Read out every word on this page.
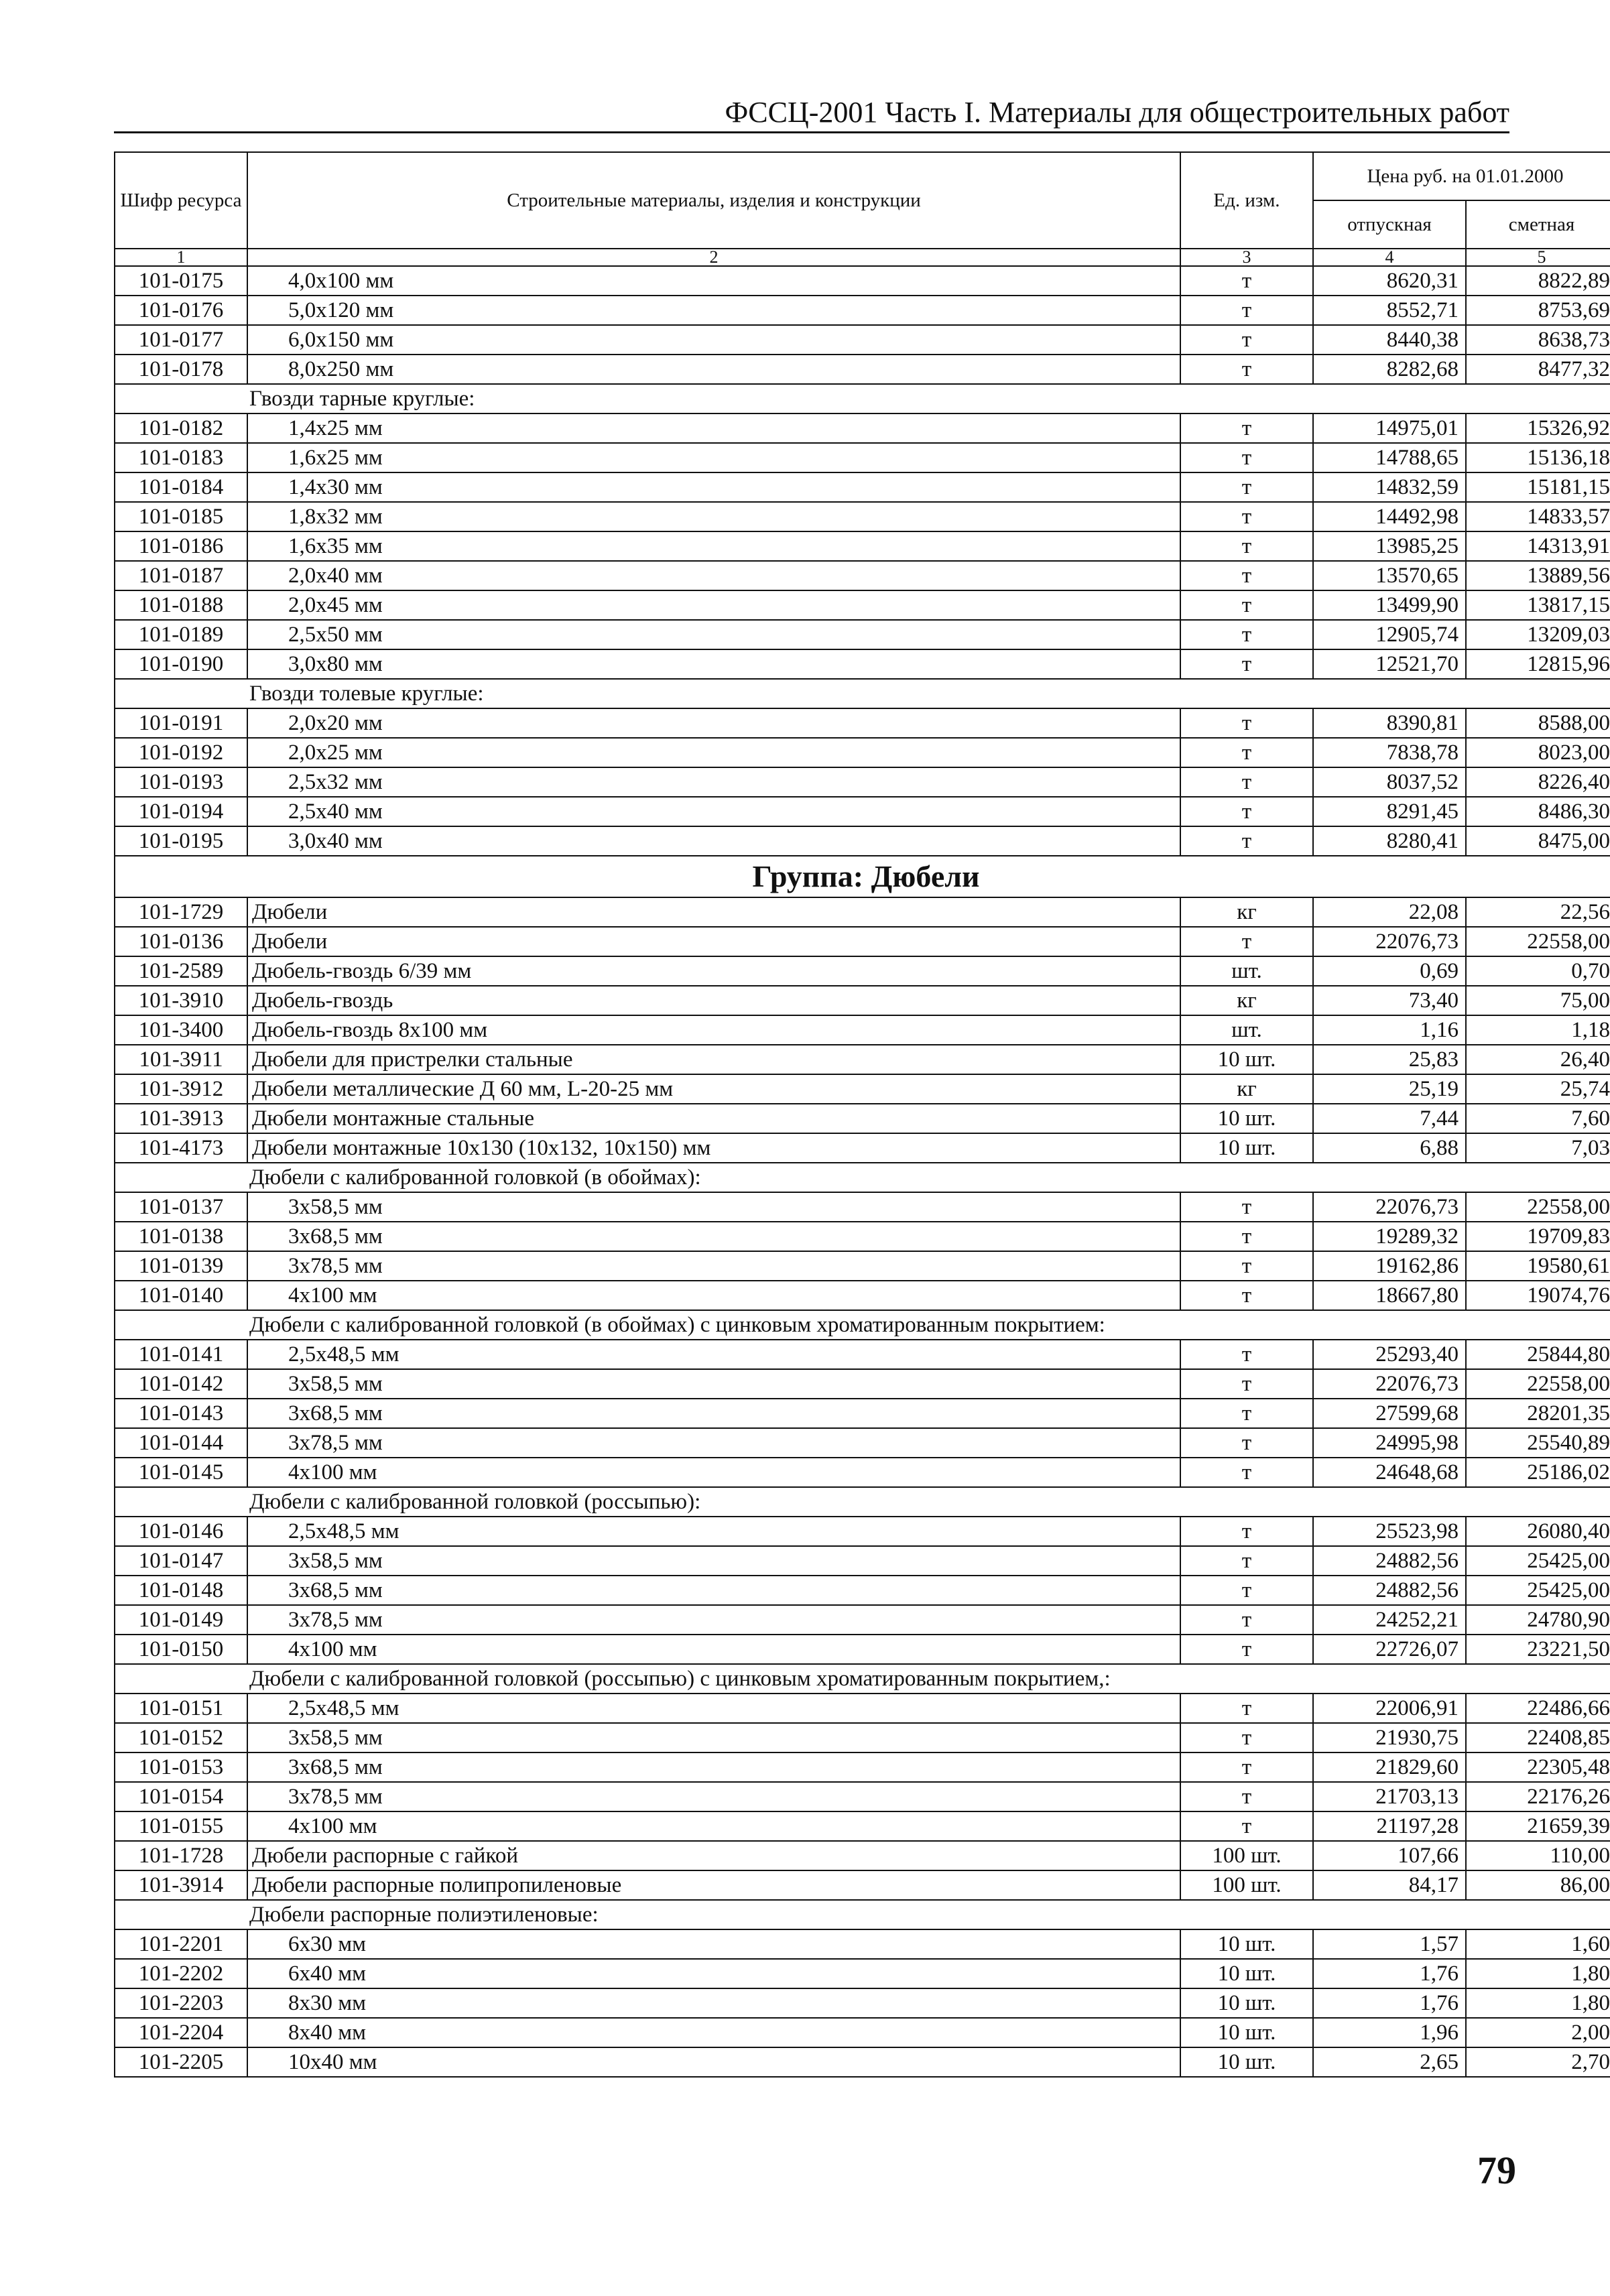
ФССЦ-2001 Часть I. Материалы для общестроительных работ
Шифр ресурса	Строительные материалы, изделия и конструкции	Ед. изм.	Цена руб. на 01.01.2000	
			отпускная	сметная
1	2	3	4	5
101-0175	4,0х100 мм	т	8620,31	8822,89
101-0176	5,0х120 мм	т	8552,71	8753,69
101-0177	6,0х150 мм	т	8440,38	8638,73
101-0178	8,0х250 мм	т	8282,68	8477,32
Гвозди тарные круглые:				
101-0182	1,4х25 мм	т	14975,01	15326,92
101-0183	1,6х25 мм	т	14788,65	15136,18
101-0184	1,4х30 мм	т	14832,59	15181,15
101-0185	1,8х32 мм	т	14492,98	14833,57
101-0186	1,6х35 мм	т	13985,25	14313,91
101-0187	2,0х40 мм	т	13570,65	13889,56
101-0188	2,0х45 мм	т	13499,90	13817,15
101-0189	2,5х50 мм	т	12905,74	13209,03
101-0190	3,0х80 мм	т	12521,70	12815,96
Гвозди толевые круглые:				
101-0191	2,0х20 мм	т	8390,81	8588,00
101-0192	2,0х25 мм	т	7838,78	8023,00
101-0193	2,5х32 мм	т	8037,52	8226,40
101-0194	2,5х40 мм	т	8291,45	8486,30
101-0195	3,0х40 мм	т	8280,41	8475,00
Группа: Дюбели				
101-1729	Дюбели	кг	22,08	22,56
101-0136	Дюбели	т	22076,73	22558,00
101-2589	Дюбель-гвоздь 6/39 мм	шт.	0,69	0,70
101-3910	Дюбель-гвоздь	кг	73,40	75,00
101-3400	Дюбель-гвоздь 8х100 мм	шт.	1,16	1,18
101-3911	Дюбели для пристрелки стальные	10 шт.	25,83	26,40
101-3912	Дюбели металлические Д 60 мм, L-20-25 мм	кг	25,19	25,74
101-3913	Дюбели монтажные стальные	10 шт.	7,44	7,60
101-4173	Дюбели монтажные 10х130 (10х132, 10х150) мм	10 шт.	6,88	7,03
Дюбели с калиброванной головкой (в обоймах):				
101-0137	3х58,5 мм	т	22076,73	22558,00
101-0138	3х68,5 мм	т	19289,32	19709,83
101-0139	3х78,5 мм	т	19162,86	19580,61
101-0140	4х100 мм	т	18667,80	19074,76
Дюбели с калиброванной головкой (в обоймах) с цинковым хроматированным покрытием:				
101-0141	2,5х48,5 мм	т	25293,40	25844,80
101-0142	3х58,5 мм	т	22076,73	22558,00
101-0143	3х68,5 мм	т	27599,68	28201,35
101-0144	3х78,5 мм	т	24995,98	25540,89
101-0145	4х100 мм	т	24648,68	25186,02
Дюбели с калиброванной головкой (россыпью):				
101-0146	2,5х48,5 мм	т	25523,98	26080,40
101-0147	3х58,5 мм	т	24882,56	25425,00
101-0148	3х68,5 мм	т	24882,56	25425,00
101-0149	3х78,5 мм	т	24252,21	24780,90
101-0150	4х100 мм	т	22726,07	23221,50
Дюбели с калиброванной головкой (россыпью) с цинковым хроматированным покрытием,:				
101-0151	2,5х48,5 мм	т	22006,91	22486,66
101-0152	3х58,5 мм	т	21930,75	22408,85
101-0153	3х68,5 мм	т	21829,60	22305,48
101-0154	3х78,5 мм	т	21703,13	22176,26
101-0155	4х100 мм	т	21197,28	21659,39
101-1728	Дюбели распорные с гайкой	100 шт.	107,66	110,00
101-3914	Дюбели распорные полипропиленовые	100 шт.	84,17	86,00
Дюбели распорные полиэтиленовые:				
101-2201	6х30 мм	10 шт.	1,57	1,60
101-2202	6х40 мм	10 шт.	1,76	1,80
101-2203	8х30 мм	10 шт.	1,76	1,80
101-2204	8х40 мм	10 шт.	1,96	2,00
101-2205	10х40 мм	10 шт.	2,65	2,70
79
